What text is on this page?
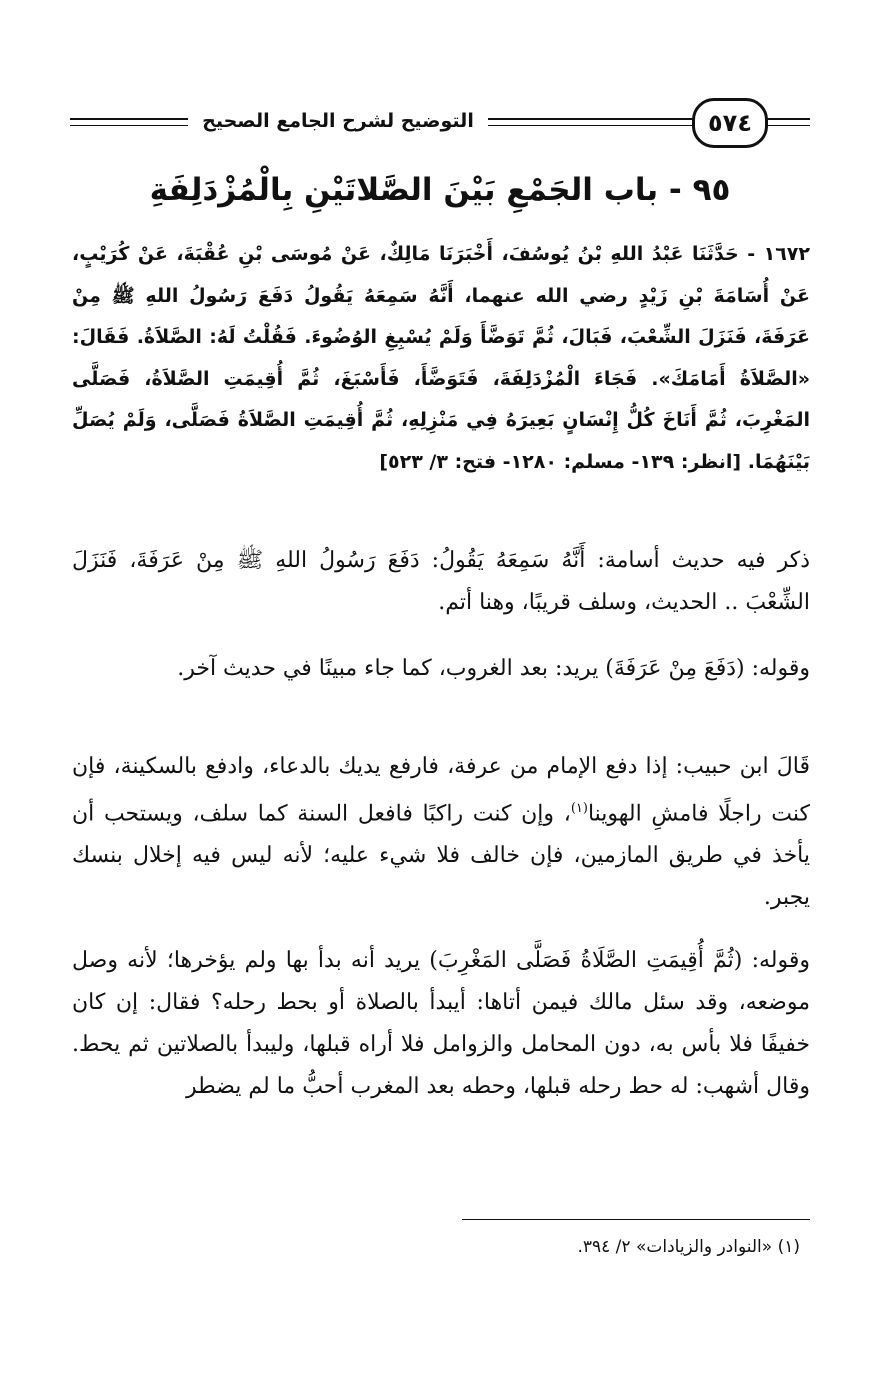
التوضيح لشرح الجامع الصحيح	٥٧٤
٩٥ - باب الجَمْعِ بَيْنَ الصَّلاتَيْنِ بِالْمُزْدَلِفَةِ
١٦٧٢ - حَدَّثَنَا عَبْدُ اللهِ بْنُ يُوسُفَ، أَخْبَرَنَا مَالِكٌ، عَنْ مُوسَى بْنِ عُقْبَةَ، عَنْ كُرَيْبٍ، عَنْ أُسَامَةَ بْنِ زَيْدٍ رضي الله عنهما، أَنَّهُ سَمِعَهُ يَقُولُ دَفَعَ رَسُولُ اللهِ ﷺ مِنْ عَرَفَةَ، فَنَزَلَ الشِّعْبَ، فَبَالَ، ثُمَّ تَوَضَّأَ وَلَمْ يُسْبِغِ الوُضُوءَ. فَقُلْتُ لَهُ: الصَّلاَةُ. فَقَالَ: «الصَّلاَةُ أَمَامَكَ». فَجَاءَ الْمُزْدَلِفَةَ، فَتَوَضَّأَ، فَأَسْبَغَ، ثُمَّ أُقِيمَتِ الصَّلاَةُ، فَصَلَّى المَغْرِبَ، ثُمَّ أَنَاخَ كُلُّ إِنْسَانٍ بَعِيرَهُ فِي مَنْزِلِهِ، ثُمَّ أُقِيمَتِ الصَّلاَةُ فَصَلَّى، وَلَمْ يُصَلِّ بَيْنَهُمَا. [انظر: ١٣٩- مسلم: ١٢٨٠- فتح: ٣/ ٥٢٣]
ذكر فيه حديث أسامة: أَنَّهُ سَمِعَهُ يَقُولُ: دَفَعَ رَسُولُ اللهِ ﷺ مِنْ عَرَفَةَ، فَنَزَلَ الشِّعْبَ .. الحديث، وسلف قريبًا، وهنا أتم.
وقوله: (دَفَعَ مِنْ عَرَفَةَ) يريد: بعد الغروب، كما جاء مبينًا في حديث آخر.
قَالَ ابن حبيب: إذا دفع الإمام من عرفة، فارفع يديك بالدعاء، وادفع بالسكينة، فإن كنت راجلًا فامشِ الهوينا$^{(١)}$، وإن كنت راكبًا فافعل السنة كما سلف، ويستحب أن يأخذ في طريق المازمين، فإن خالف فلا شيء عليه؛ لأنه ليس فيه إخلال بنسك يجبر.
وقوله: (ثُمَّ أُقِيمَتِ الصَّلَاةُ فَصَلَّى المَغْرِبَ) يريد أنه بدأ بها ولم يؤخرها؛ لأنه وصل موضعه، وقد سئل مالك فيمن أتاها: أيبدأ بالصلاة أو بحط رحله؟ فقال: إن كان خفيفًا فلا بأس به، دون المحامل والزوامل فلا أراه قبلها، وليبدأ بالصلاتين ثم يحط. وقال أشهب: له حط رحله قبلها، وحطه بعد المغرب أحبُّ ما لم يضطر
(١) «النوادر والزيادات» ٢/ ٣٩٤.
